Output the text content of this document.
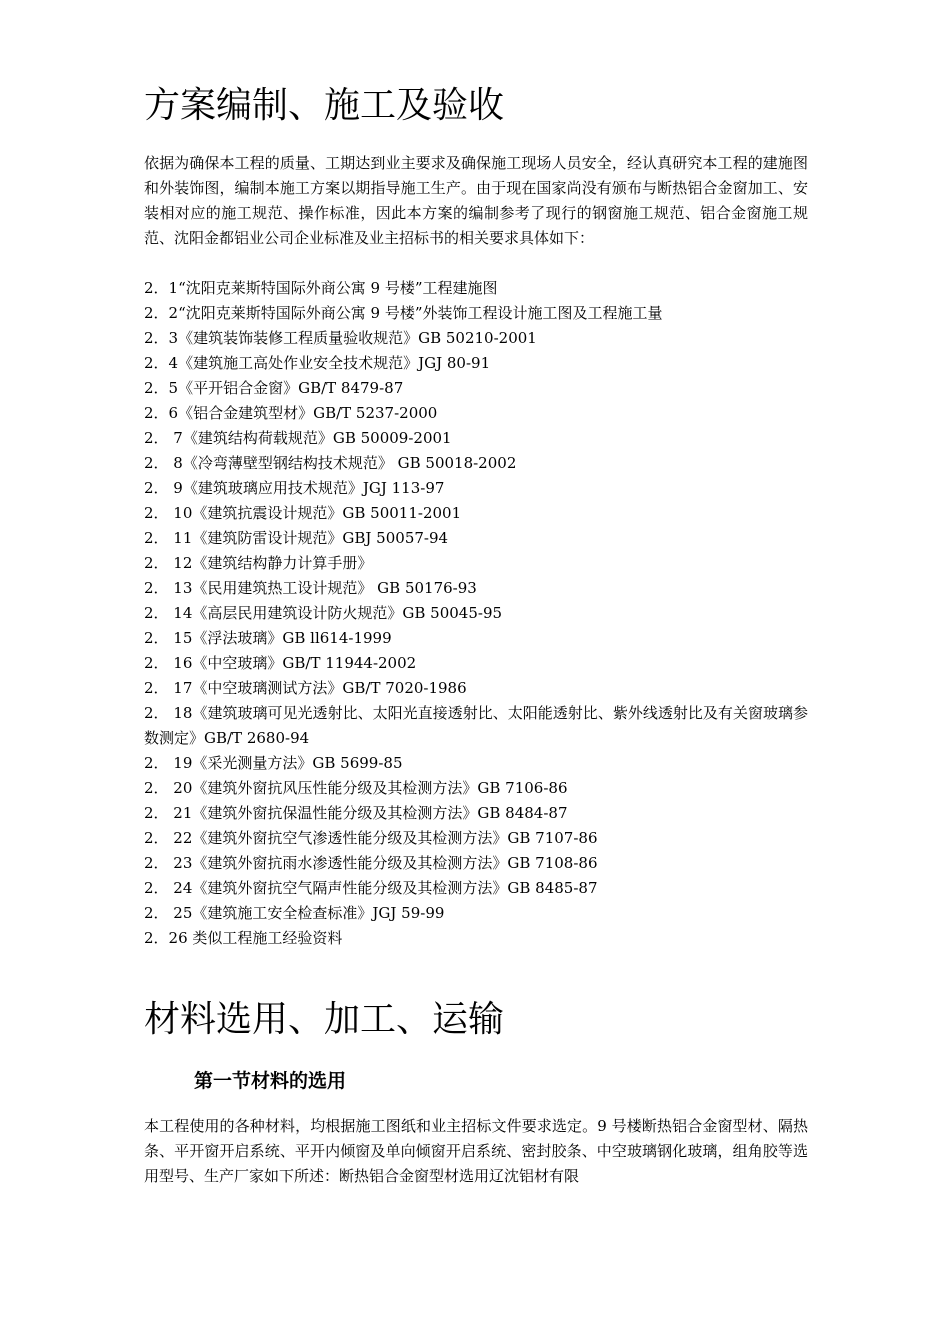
方案编制、施工及验收
依据为确保本工程的质量、工期达到业主要求及确保施工现场人员安全，经认真研究本工程的建施图和外装饰图，编制本施工方案以期指导施工生产。由于现在国家尚没有颁布与断热铝合金窗加工、安装相对应的施工规范、操作标准，因此本方案的编制参考了现行的钢窗施工规范、铝合金窗施工规范、沈阳金都铝业公司企业标准及业主招标书的相关要求具体如下：
2．1“沈阳克莱斯特国际外商公寓 9 号楼”工程建施图
2．2“沈阳克莱斯特国际外商公寓 9 号楼”外装饰工程设计施工图及工程施工量
2．3《建筑装饰装修工程质量验收规范》GB 50210-2001
2．4《建筑施工高处作业安全技术规范》JGJ 80-91
2．5《平开铝合金窗》GB/T 8479-87
2．6《铝合金建筑型材》GB/T 5237-2000
2． 7《建筑结构荷载规范》GB 50009-2001
2． 8《冷弯薄壁型钢结构技术规范》 GB 50018-2002
2． 9《建筑玻璃应用技术规范》JGJ 113-97
2． 10《建筑抗震设计规范》GB 50011-2001
2． 11《建筑防雷设计规范》GBJ 50057-94
2． 12《建筑结构静力计算手册》
2． 13《民用建筑热工设计规范》 GB 50176-93
2． 14《高层民用建筑设计防火规范》GB 50045-95
2． 15《浮法玻璃》GB ll614-1999
2． 16《中空玻璃》GB/T 11944-2002
2． 17《中空玻璃测试方法》GB/T 7020-1986
2． 18《建筑玻璃可见光透射比、太阳光直接透射比、太阳能透射比、紫外线透射比及有关窗玻璃参数测定》GB/T 2680-94
2． 19《采光测量方法》GB 5699-85
2． 20《建筑外窗抗风压性能分级及其检测方法》GB 7106-86
2． 21《建筑外窗抗保温性能分级及其检测方法》GB 8484-87
2． 22《建筑外窗抗空气渗透性能分级及其检测方法》GB 7107-86
2． 23《建筑外窗抗雨水渗透性能分级及其检测方法》GB 7108-86
2． 24《建筑外窗抗空气隔声性能分级及其检测方法》GB 8485-87
2． 25《建筑施工安全检查标准》JGJ 59-99
2．26 类似工程施工经验资料
材料选用、加工、运输
第一节材料的选用
本工程使用的各种材料，均根据施工图纸和业主招标文件要求选定。9 号楼断热铝合金窗型材、隔热条、平开窗开启系统、平开内倾窗及单向倾窗开启系统、密封胶条、中空玻璃钢化玻璃，组角胶等选用型号、生产厂家如下所述：断热铝合金窗型材选用辽沈铝材有限
